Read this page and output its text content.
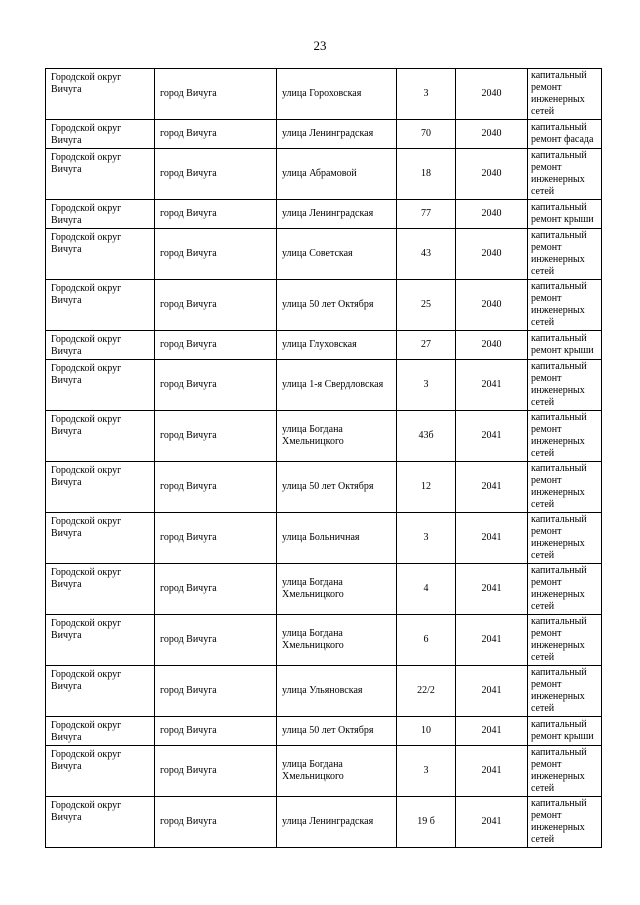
23
Городской округ Вичуга	город Вичуга	улица Гороховская	3	2040	капитальный ремонт инженерных сетей
Городской округ Вичуга	город Вичуга	улица Ленинградская	70	2040	капитальный ремонт фасада
Городской округ Вичуга	город Вичуга	улица Абрамовой	18	2040	капитальный ремонт инженерных сетей
Городской округ Вичуга	город Вичуга	улица Ленинградская	77	2040	капитальный ремонт крыши
Городской округ Вичуга	город Вичуга	улица Советская	43	2040	капитальный ремонт инженерных сетей
Городской округ Вичуга	город Вичуга	улица 50 лет Октября	25	2040	капитальный ремонт инженерных сетей
Городской округ Вичуга	город Вичуга	улица Глуховская	27	2040	капитальный ремонт крыши
Городской округ Вичуга	город Вичуга	улица 1-я Свердловская	3	2041	капитальный ремонт инженерных сетей
Городской округ Вичуга	город Вичуга	улица Богдана Хмельницкого	43б	2041	капитальный ремонт инженерных сетей
Городской округ Вичуга	город Вичуга	улица 50 лет Октября	12	2041	капитальный ремонт инженерных сетей
Городской округ Вичуга	город Вичуга	улица Больничная	3	2041	капитальный ремонт инженерных сетей
Городской округ Вичуга	город Вичуга	улица Богдана Хмельницкого	4	2041	капитальный ремонт инженерных сетей
Городской округ Вичуга	город Вичуга	улица Богдана Хмельницкого	6	2041	капитальный ремонт инженерных сетей
Городской округ Вичуга	город Вичуга	улица Ульяновская	22/2	2041	капитальный ремонт инженерных сетей
Городской округ Вичуга	город Вичуга	улица 50 лет Октября	10	2041	капитальный ремонт крыши
Городской округ Вичуга	город Вичуга	улица Богдана Хмельницкого	3	2041	капитальный ремонт инженерных сетей
Городской округ Вичуга	город Вичуга	улица Ленинградская	19 б	2041	капитальный ремонт инженерных сетей
